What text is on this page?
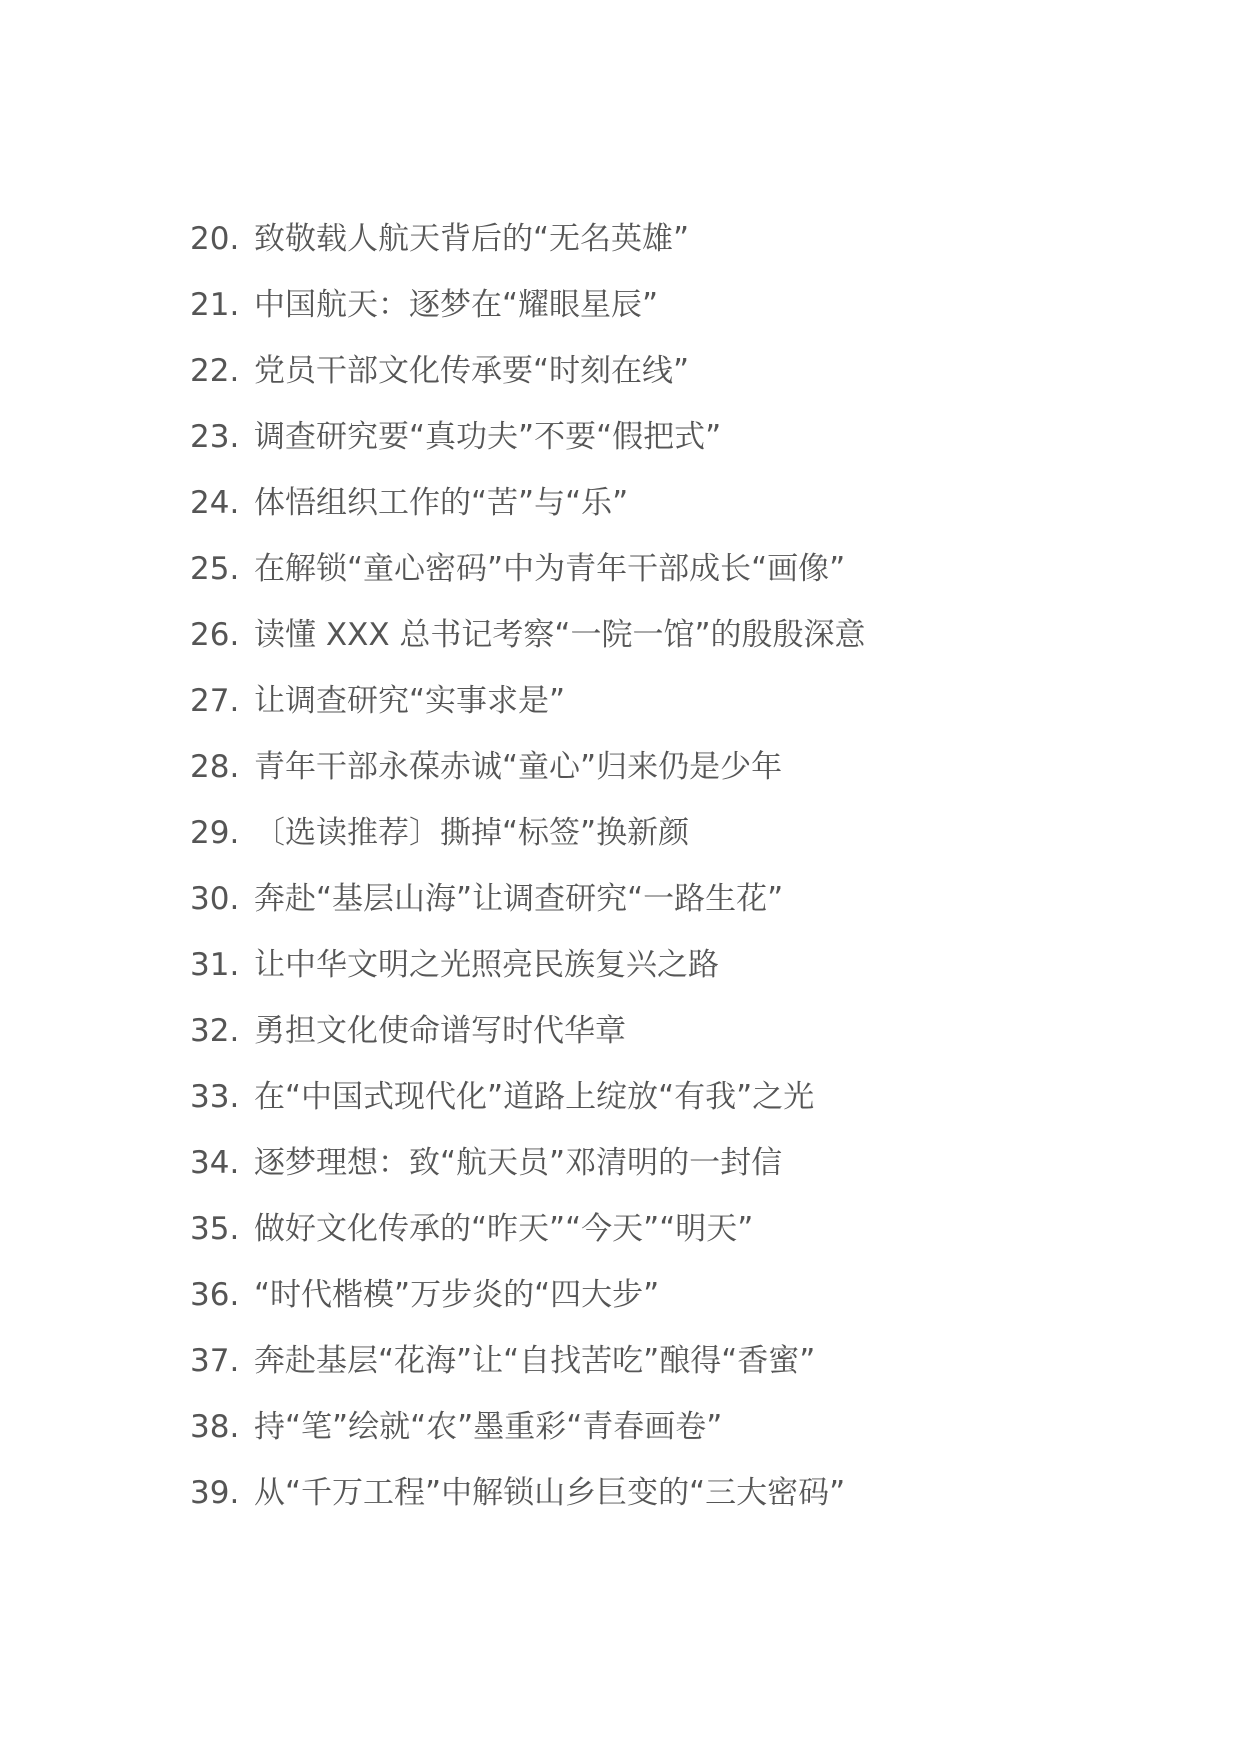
20. 致敬载人航天背后的“无名英雄”
21. 中国航天：逐梦在“耀眼星辰”
22. 党员干部文化传承要“时刻在线”
23. 调查研究要“真功夫”不要“假把式”
24. 体悟组织工作的“苦”与“乐”
25. 在解锁“童心密码”中为青年干部成长“画像”
26. 读懂 XXX 总书记考察“一院一馆”的殷殷深意
27. 让调查研究“实事求是”
28. 青年干部永葆赤诚“童心”归来仍是少年
29. 〔选读推荐〕撕掉“标签”换新颜
30. 奔赴“基层山海”让调查研究“一路生花”
31. 让中华文明之光照亮民族复兴之路
32. 勇担文化使命谱写时代华章
33. 在“中国式现代化”道路上绽放“有我”之光
34. 逐梦理想：致“航天员”邓清明的一封信
35. 做好文化传承的“昨天”“今天”“明天”
36. “时代楷模”万步炎的“四大步”
37. 奔赴基层“花海”让“自找苦吃”酿得“香蜜”
38. 持“笔”绘就“农”墨重彩“青春画卷”
39. 从“千万工程”中解锁山乡巨变的“三大密码”
